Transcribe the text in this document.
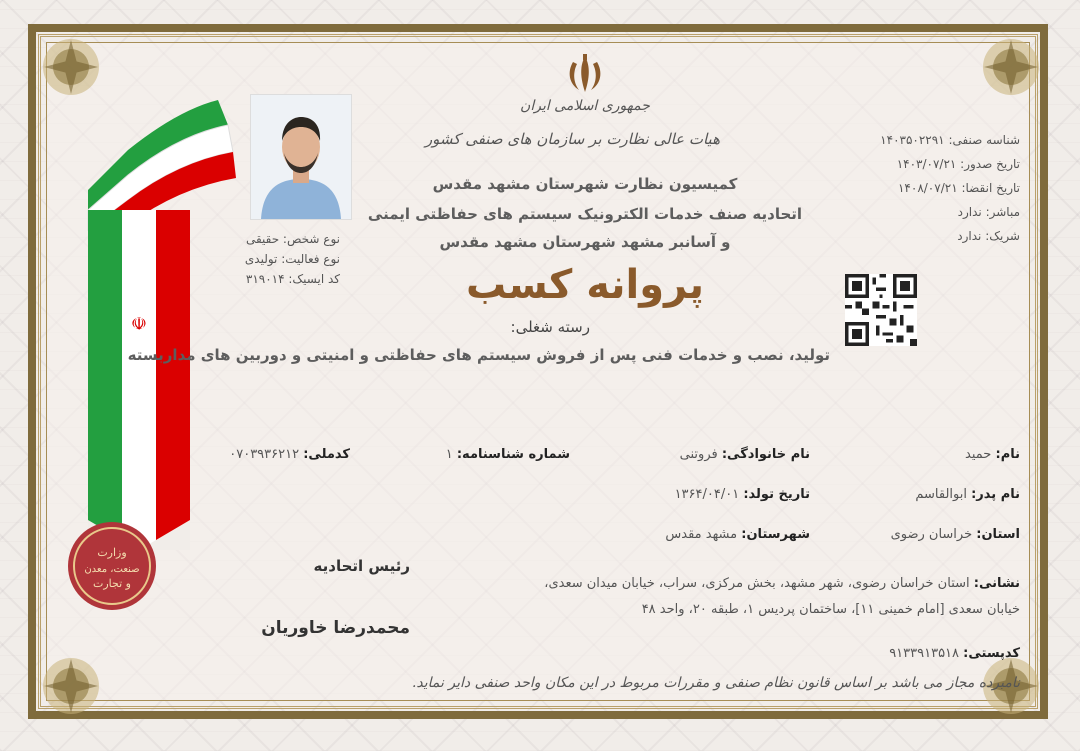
☫
وزارت
صنعت، معدن
و تجارت
جمهوری اسلامی ایران
هیات عالی نظارت بر سازمان های صنفی کشور
کمیسیون نظارت شهرستان مشهد مقدس
اتحادیه صنف خدمات الکترونیک سیستم های حفاظتی ایمنی
و آسانبر مشهد شهرستان مشهد مقدس
پروانه کسب
رسته شغلی:
تولید، نصب و خدمات فنی پس از فروش سیستم های حفاظتی و امنیتی و دوربین های مداربسته
شناسه صنفی: ۱۴۰۳۵۰۲۲۹۱
تاریخ صدور: ۱۴۰۳/۰۷/۲۱
تاریخ انقضا: ۱۴۰۸/۰۷/۲۱
مباشر: ندارد
شریک: ندارد
نوع شخص: حقیقی
نوع فعالیت: تولیدی
کد ایسیک: ۳۱۹۰۱۴
نام: حمید
نام خانوادگی: فروتنی
شماره شناسنامه: ۱
کدملی: ۰۷۰۳۹۳۶۲۱۲
نام پدر: ابوالقاسم
تاریخ تولد: ۱۳۶۴/۰۴/۰۱
استان: خراسان رضوی
شهرستان: مشهد مقدس
نشانی: استان خراسان رضوی، شهر مشهد، بخش مرکزی، سراب، خیابان میدان سعدی،
خیابان سعدی [امام خمینی ۱۱]، ساختمان پردیس ۱، طبقه ۲۰، واحد ۴۸
کدپستی: ۹۱۳۳۹۱۳۵۱۸
رئیس اتحادیه
محمدرضا خاوریان
نامبرده مجاز می باشد بر اساس قانون نظام صنفی و مقررات مربوط در این مکان واحد صنفی دایر نماید.
